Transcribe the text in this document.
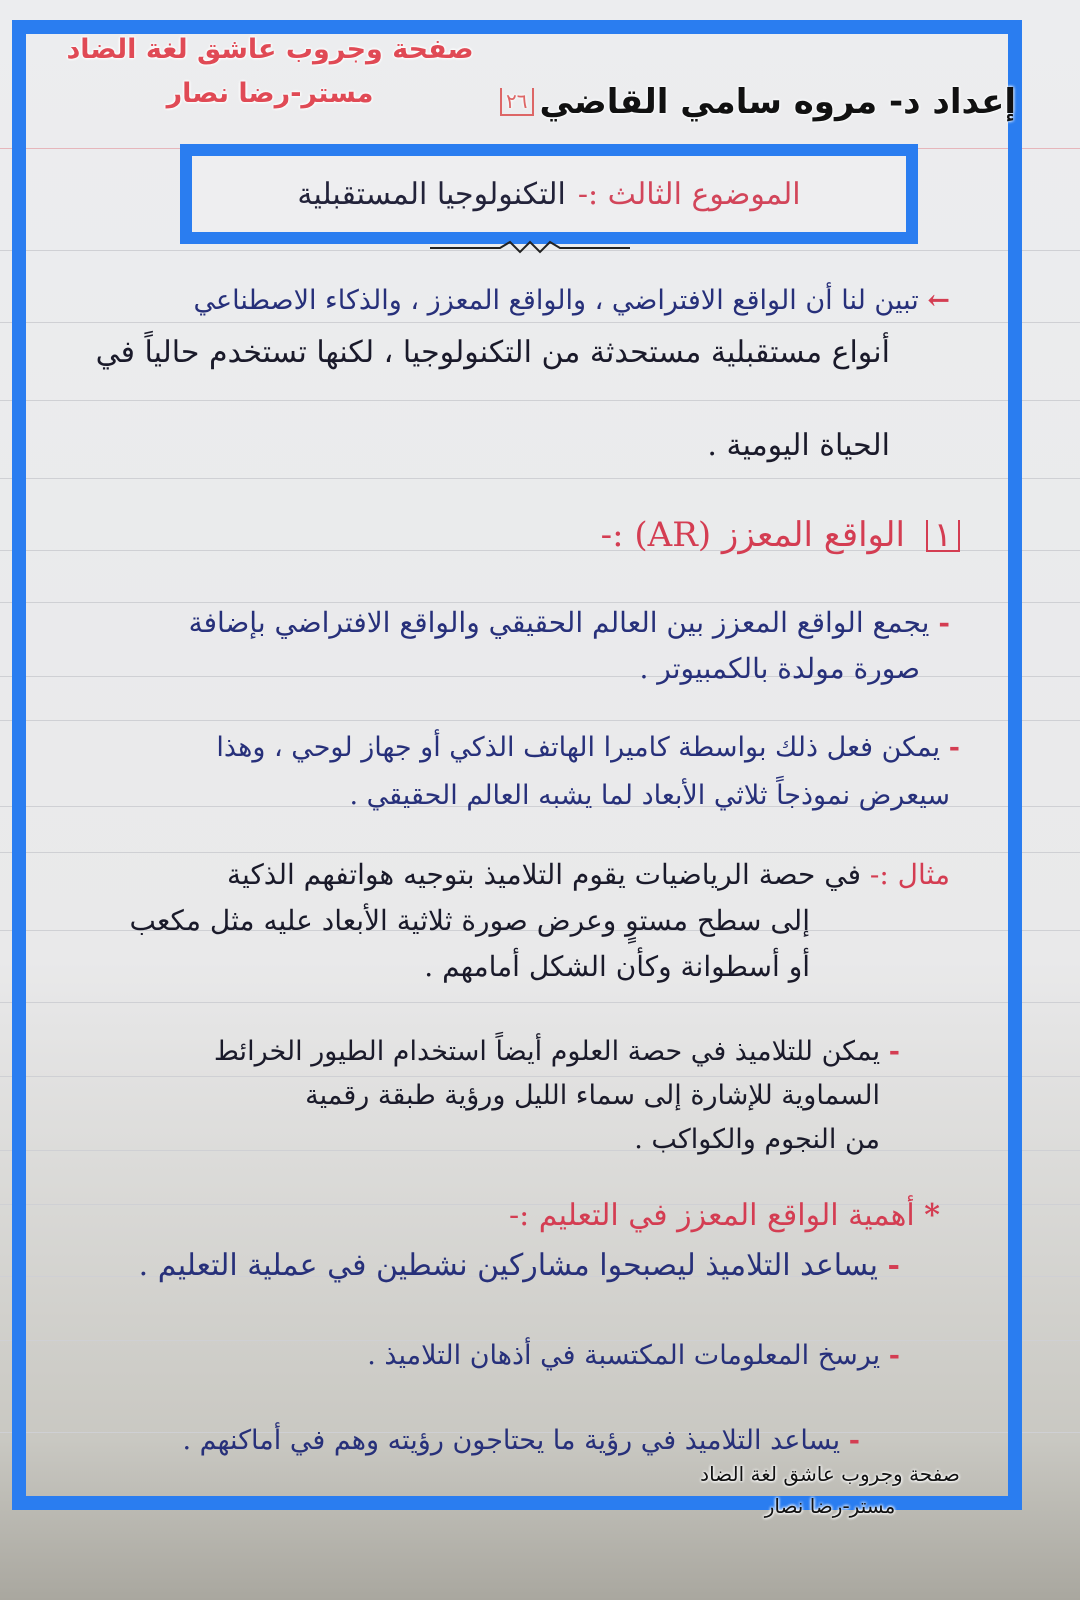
صفحة وجروب عاشق لغة الضاد
مستر-رضا نصار	إعداد د- مروه سامي القاضي
٢٦
الموضوع الثالث :-
التكنولوجيا المستقبلية
← تبين لنا أن الواقع الافتراضي ، والواقع المعزز ، والذكاء الاصطناعي
أنواع مستقبلية مستحدثة من التكنولوجيا ، لكنها تستخدم حالياً في
الحياة اليومية .
١ الواقع المعزز (AR) :-
- يجمع الواقع المعزز بين العالم الحقيقي والواقع الافتراضي بإضافة
صورة مولدة بالكمبيوتر .
- يمكن فعل ذلك بواسطة كاميرا الهاتف الذكي أو جهاز لوحي ، وهذا
سيعرض نموذجاً ثلاثي الأبعاد لما يشبه العالم الحقيقي .
مثال :- في حصة الرياضيات يقوم التلاميذ بتوجيه هواتفهم الذكية
إلى سطح مستوٍ وعرض صورة ثلاثية الأبعاد عليه مثل مكعب
أو أسطوانة وكأن الشكل أمامهم .
- يمكن للتلاميذ في حصة العلوم أيضاً استخدام الطيور الخرائط
السماوية للإشارة إلى سماء الليل ورؤية طبقة رقمية
من النجوم والكواكب .
* أهمية الواقع المعزز في التعليم :-
- يساعد التلاميذ ليصبحوا مشاركين نشطين في عملية التعليم .
- يرسخ المعلومات المكتسبة في أذهان التلاميذ .
- يساعد التلاميذ في رؤية ما يحتاجون رؤيته وهم في أماكنهم .
صفحة وجروب عاشق لغة الضاد
مستر-رضا نصار
